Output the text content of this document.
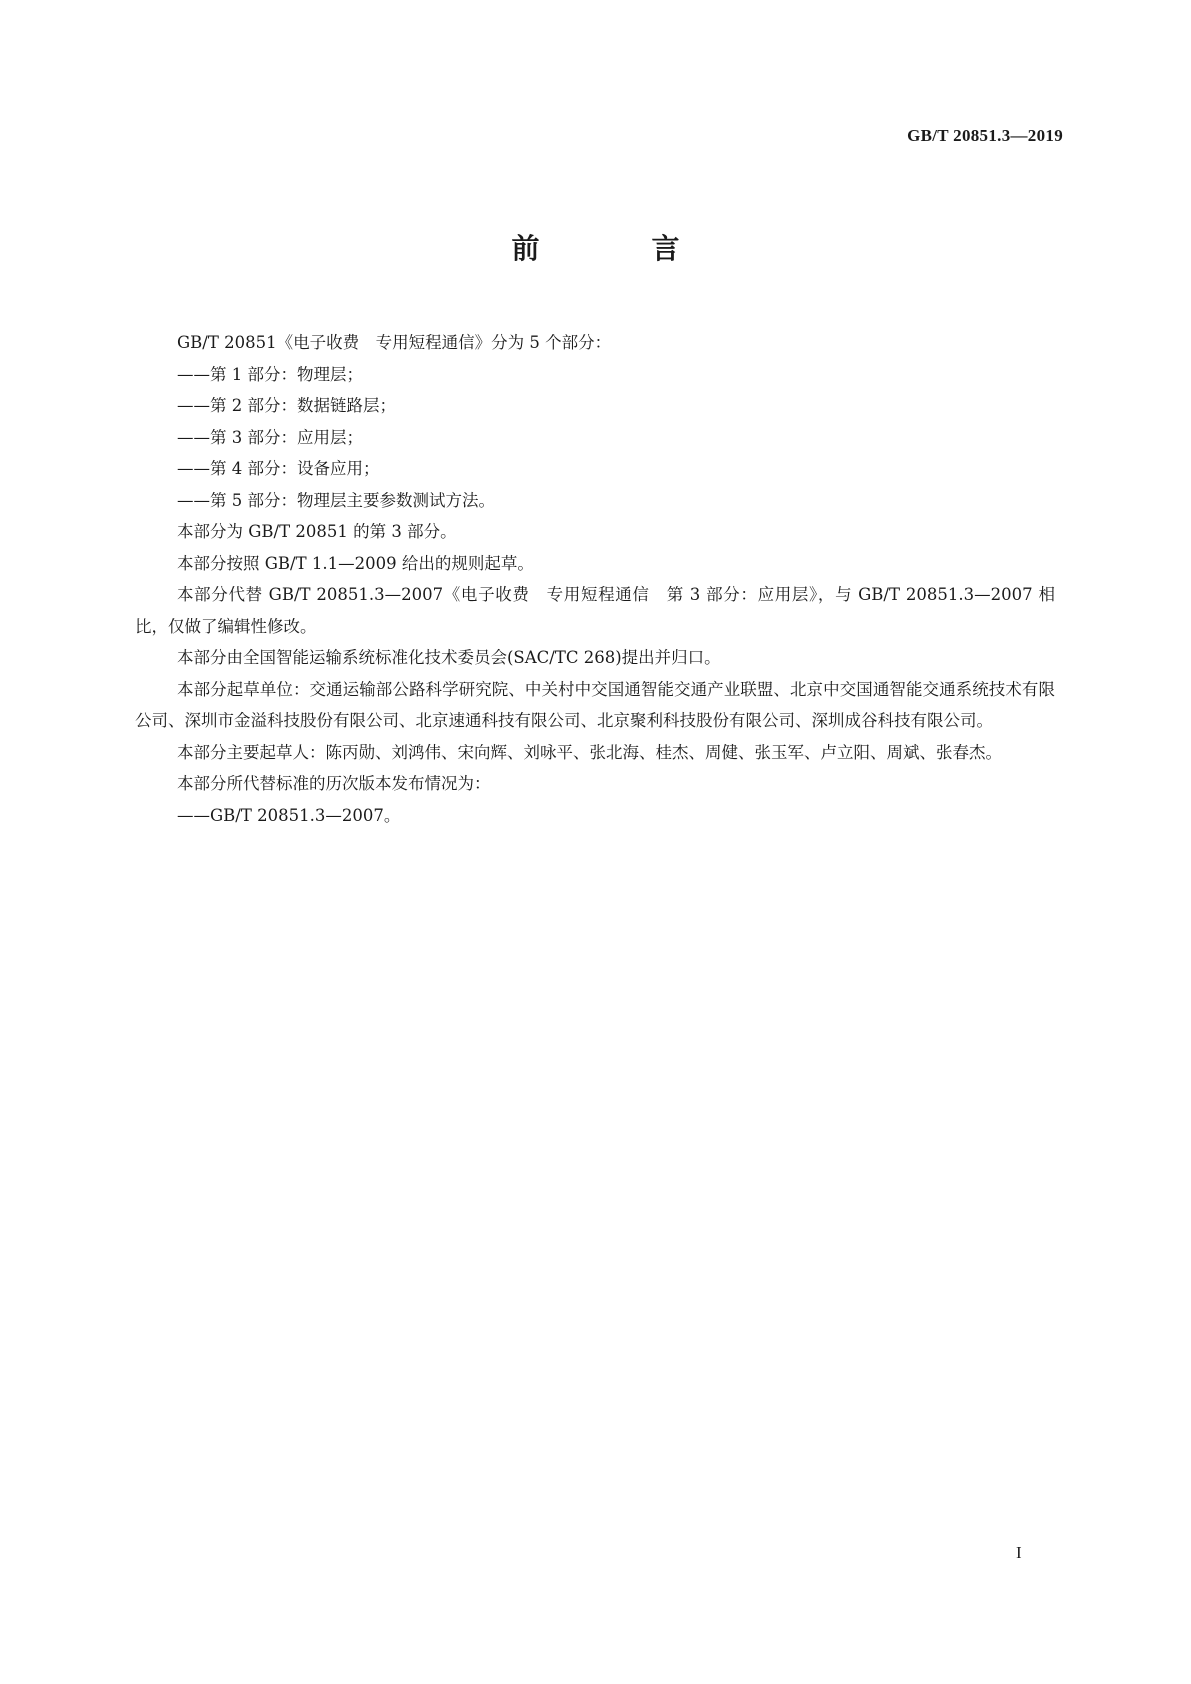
GB/T 20851.3—2019
前　言

GB/T 20851《电子收费　专用短程通信》分为 5 个部分：

——第 1 部分：物理层；

——第 2 部分：数据链路层；

——第 3 部分：应用层；

——第 4 部分：设备应用；

——第 5 部分：物理层主要参数测试方法。

本部分为 GB/T 20851 的第 3 部分。

本部分按照 GB/T 1.1—2009 给出的规则起草。

本部分代替 GB/T 20851.3—2007《电子收费　专用短程通信　第 3 部分：应用层》，与 GB/T 20851.3—2007 相比，仅做了编辑性修改。

本部分由全国智能运输系统标准化技术委员会(SAC/TC 268)提出并归口。

本部分起草单位：交通运输部公路科学研究院、中关村中交国通智能交通产业联盟、北京中交国通智能交通系统技术有限公司、深圳市金溢科技股份有限公司、北京速通科技有限公司、北京聚利科技股份有限公司、深圳成谷科技有限公司。

本部分主要起草人：陈丙勋、刘鸿伟、宋向辉、刘咏平、张北海、桂杰、周健、张玉军、卢立阳、周斌、张春杰。

本部分所代替标准的历次版本发布情况为：

——GB/T 20851.3—2007。

I
